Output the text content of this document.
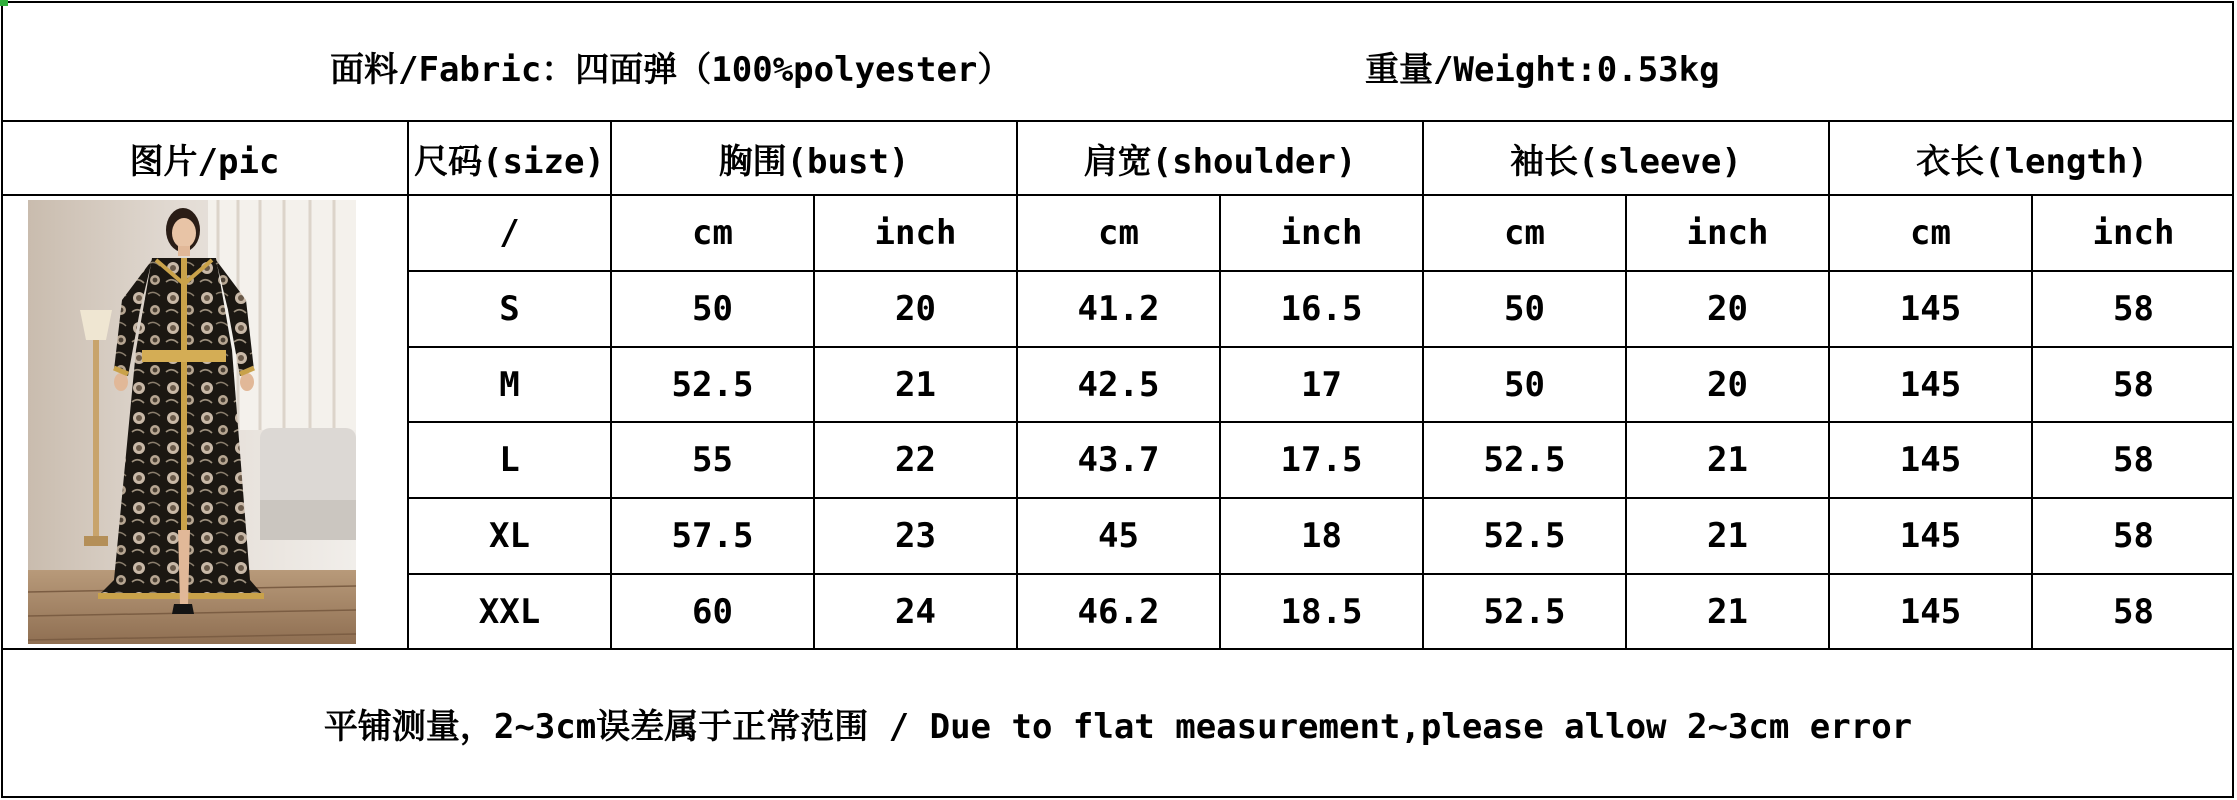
面料/Fabric：四面弹（100%polyester）	重量/Weight:0.53kg
图片/pic	尺码(size)	胸围(bust)	肩宽(shoulder)	袖长(sleeve)	衣长(length)
/	cm	inch	cm	inch	cm	inch	cm	inch
S	50	20	41.2	16.5	50	20	145	58
M	52.5	21	42.5	17	50	20	145	58
L	55	22	43.7	17.5	52.5	21	145	58
XL	57.5	23	45	18	52.5	21	145	58
XXL	60	24	46.2	18.5	52.5	21	145	58
平铺测量，2~3cm误差属于正常范围 / Due to flat measurement,please allow 2~3cm error
